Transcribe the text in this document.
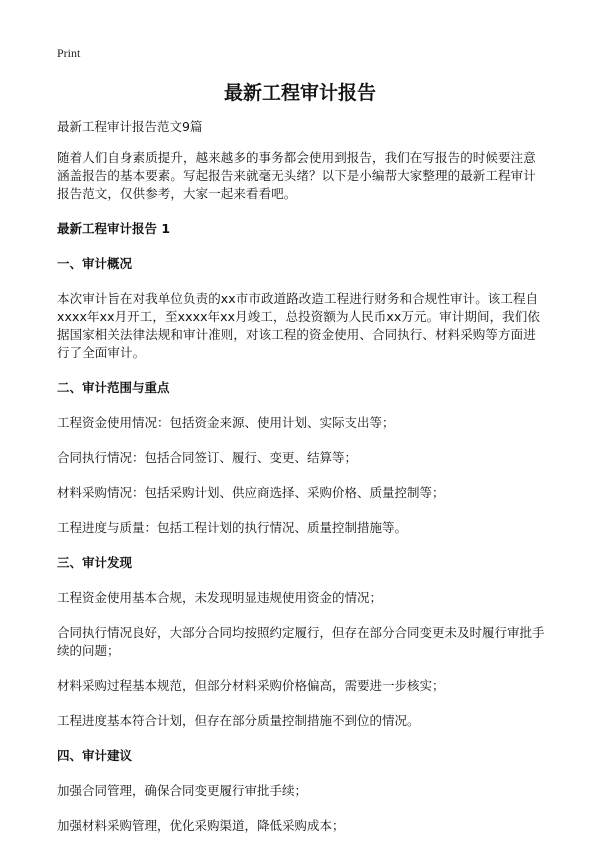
Print
最新工程审计报告

最新工程审计报告范文9篇

随着人们自身素质提升，越来越多的事务都会使用到报告，我们在写报告的时候要注意涵盖报告的基本要素。写起报告来就毫无头绪？以下是小编帮大家整理的最新工程审计报告范文，仅供参考，大家一起来看看吧。

最新工程审计报告 1

一、审计概况

本次审计旨在对我单位负责的xx市市政道路改造工程进行财务和合规性审计。该工程自xxxx年xx月开工，至xxxx年xx月竣工，总投资额为人民币xx万元。审计期间，我们依据国家相关法律法规和审计准则，对该工程的资金使用、合同执行、材料采购等方面进行了全面审计。

二、审计范围与重点

工程资金使用情况：包括资金来源、使用计划、实际支出等；

合同执行情况：包括合同签订、履行、变更、结算等；

材料采购情况：包括采购计划、供应商选择、采购价格、质量控制等；

工程进度与质量：包括工程计划的执行情况、质量控制措施等。

三、审计发现

工程资金使用基本合规，未发现明显违规使用资金的情况；

合同执行情况良好，大部分合同均按照约定履行，但存在部分合同变更未及时履行审批手续的问题；

材料采购过程基本规范，但部分材料采购价格偏高，需要进一步核实；

工程进度基本符合计划，但存在部分质量控制措施不到位的情况。

四、审计建议

加强合同管理，确保合同变更履行审批手续；

加强材料采购管理，优化采购渠道，降低采购成本；
